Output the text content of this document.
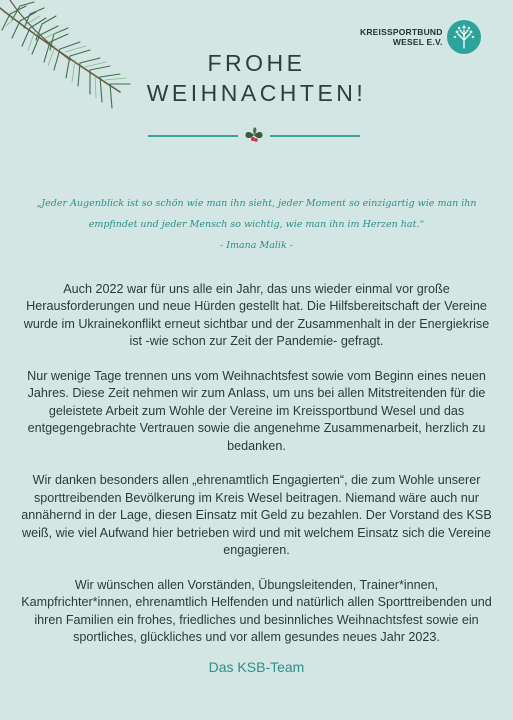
KREISSPORTBUND
WESEL E.V.
FROHE
WEIHNACHTEN!
„Jeder Augenblick ist so schön wie man ihn sieht, jeder Moment so einzigartig wie man ihn empfindet und jeder Mensch so wichtig, wie man ihn im Herzen hat.“
- Imana Malik -

Auch 2022 war für uns alle ein Jahr, das uns wieder einmal vor große Herausforderungen und neue Hürden gestellt hat. Die Hilfsbereitschaft der Vereine wurde im Ukrainekonflikt erneut sichtbar und der Zusammenhalt in der Energiekrise ist -wie schon zur Zeit der Pandemie- gefragt.

Nur wenige Tage trennen uns vom Weihnachtsfest sowie vom Beginn eines neuen Jahres. Diese Zeit nehmen wir zum Anlass, um uns bei allen Mitstreitenden für die geleistete Arbeit zum Wohle der Vereine im Kreissportbund Wesel und das entgegengebrachte Vertrauen sowie die angenehme Zusammenarbeit, herzlich zu bedanken.

Wir danken besonders allen „ehrenamtlich Engagierten“, die zum Wohle unserer sporttreibenden Bevölkerung im Kreis Wesel beitragen. Niemand wäre auch nur annähernd in der Lage, diesen Einsatz mit Geld zu bezahlen. Der Vorstand des KSB weiß, wie viel Aufwand hier betrieben wird und mit welchem Einsatz sich die Vereine engagieren.

Wir wünschen allen Vorständen, Übungsleitenden, Trainer*innen, Kampfrichter*innen, ehrenamtlich Helfenden und natürlich allen Sporttreibenden und ihren Familien ein frohes, friedliches und besinnliches Weihnachtsfest sowie ein sportliches, glückliches und vor allem gesundes neues Jahr 2023.

Das KSB-Team
